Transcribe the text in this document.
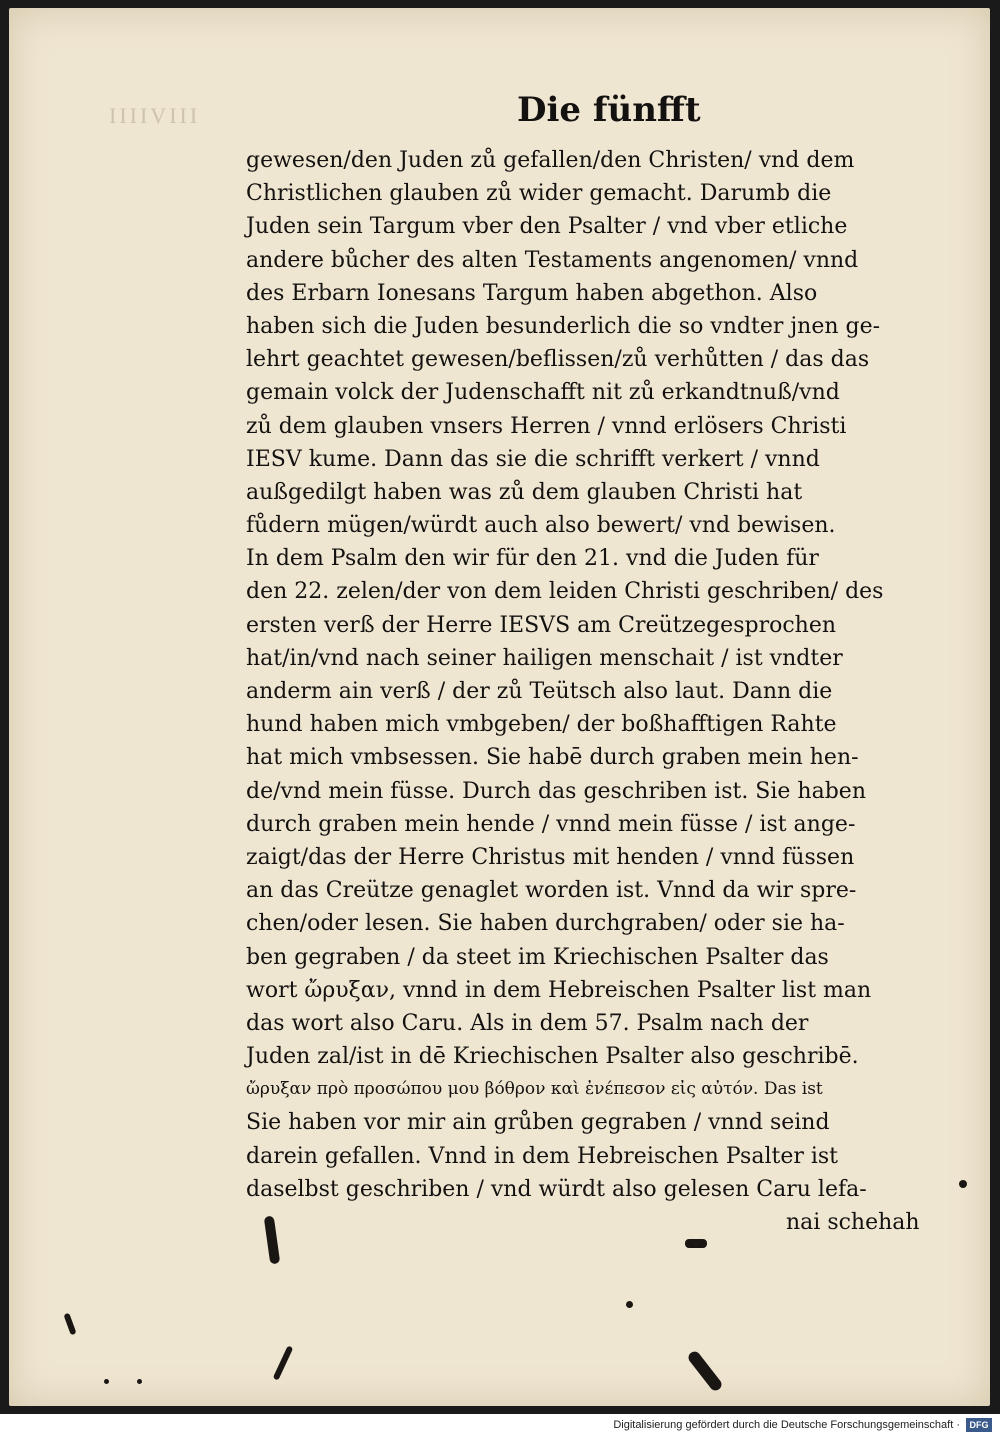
IIIIVIII	Die fünfft
gewesen/den Juden zů gefallen/den Christen/ vnd dem
Christlichen glauben zů wider gemacht. Darumb die
Juden sein Targum vber den Psalter / vnd vber etliche
andere bůcher des alten Testaments angenomen/ vnnd
des Erbarn Ionesans Targum haben abgethon. Also
haben sich die Juden besunderlich die so vndter jnen ge-
lehrt geachtet gewesen/beflissen/zů verhůtten / das das
gemain volck der Judenschafft nit zů erkandtnuß/vnd
zů dem glauben vnsers Herren / vnnd erlösers Christi
IESV kume. Dann das sie die schrifft verkert / vnnd
außgedilgt haben was zů dem glauben Christi hat
fůdern mügen/würdt auch also bewert/ vnd bewisen.
In dem Psalm den wir für den 21. vnd die Juden für
den 22. zelen/der von dem leiden Christi geschriben/ des
ersten verß der Herre IESVS am Creützegesprochen
hat/in/vnd nach seiner hailigen menschait / ist vndter
anderm ain verß / der zů Teütsch also laut. Dann die
hund haben mich vmbgeben/ der boßhafftigen Rahte
hat mich vmbsessen. Sie habē durch graben mein hen-
de/vnd mein füsse. Durch das geschriben ist. Sie haben
durch graben mein hende / vnnd mein füsse / ist ange-
zaigt/das der Herre Christus mit henden / vnnd füssen
an das Creütze genaglet worden ist. Vnnd da wir spre-
chen/oder lesen. Sie haben durchgraben/ oder sie ha-
ben gegraben / da steet im Kriechischen Psalter das
wort ὤρυξαν, vnnd in dem Hebreischen Psalter list man
das wort also Caru. Als in dem 57. Psalm nach der
Juden zal/ist in dē Kriechischen Psalter also geschribē.
ὤρυξαν πρὸ προσώπου μου βόθρον καὶ ἐνέπεσον εἰς αὐτόν. Das ist
Sie haben vor mir ain grůben gegraben / vnnd seind
darein gefallen. Vnnd in dem Hebreischen Psalter ist
daselbst geschriben / vnd würdt also gelesen Caru lefa-
nai schehah
Digitalisierung gefördert durch die Deutsche Forschungsgemeinschaft ·	DFG
